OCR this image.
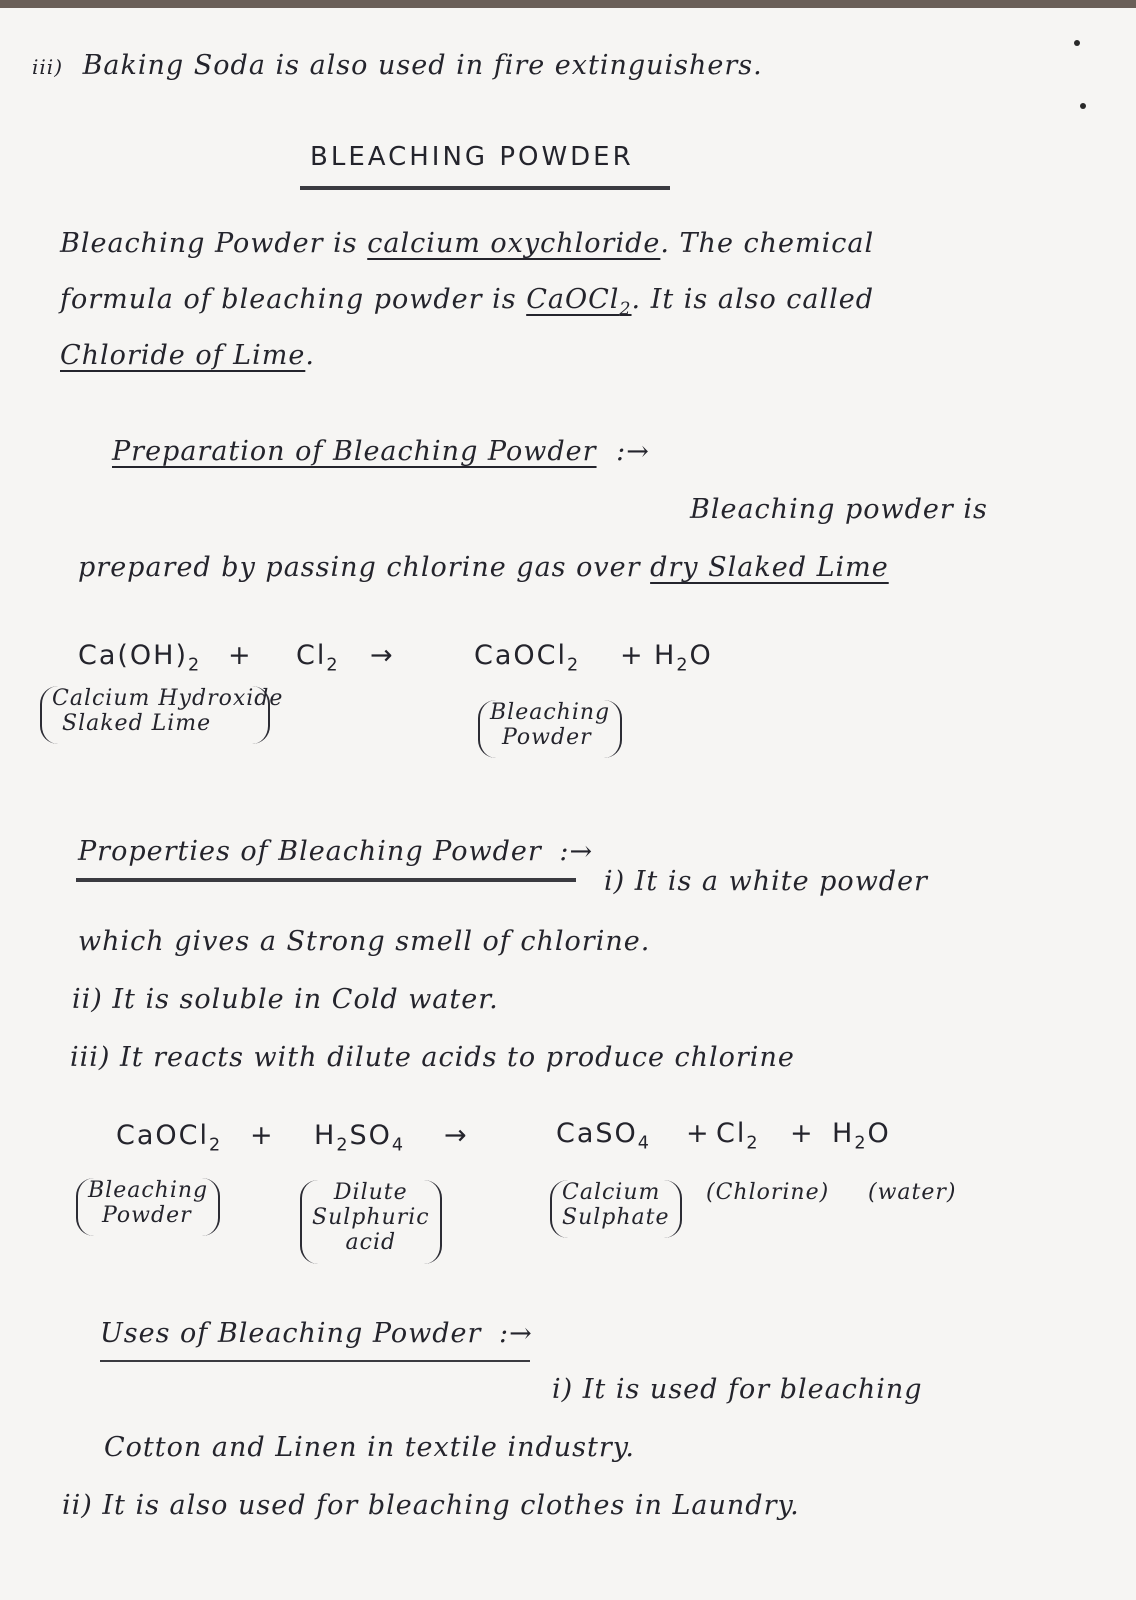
iii) Baking Soda is also used in fire extinguishers.
BLEACHING POWDER
Bleaching Powder is calcium oxychloride. The chemical
formula of bleaching powder is CaOCl$_2$. It is also called
Chloride of Lime.
Preparation of Bleaching Powder :→
Bleaching powder is
prepared by passing chlorine gas over dry Slaked Lime
$Ca(OH)_2 + Cl_2$ →	CaOCl$_2$ + $H_2O$
Calcium Hydroxide
Slaked Lime	Bleaching
Powder
Properties of Bleaching Powder :→
i) It is a white powder
which gives a Strong smell of chlorine.
ii) It is soluble in Cold water.
iii) It reacts with dilute acids to produce chlorine
CaOCl$_2$ + $H_2SO_4$ →	CaSO$_4$ + $Cl_2 + H_2O$
Bleaching
Powder
Dilute
Sulphuric
acid
Calcium
Sulphate
(Chlorine) (water)
Uses of Bleaching Powder :→
i) It is used for bleaching
Cotton and Linen in textile industry.
ii) It is also used for bleaching clothes in Laundry.
